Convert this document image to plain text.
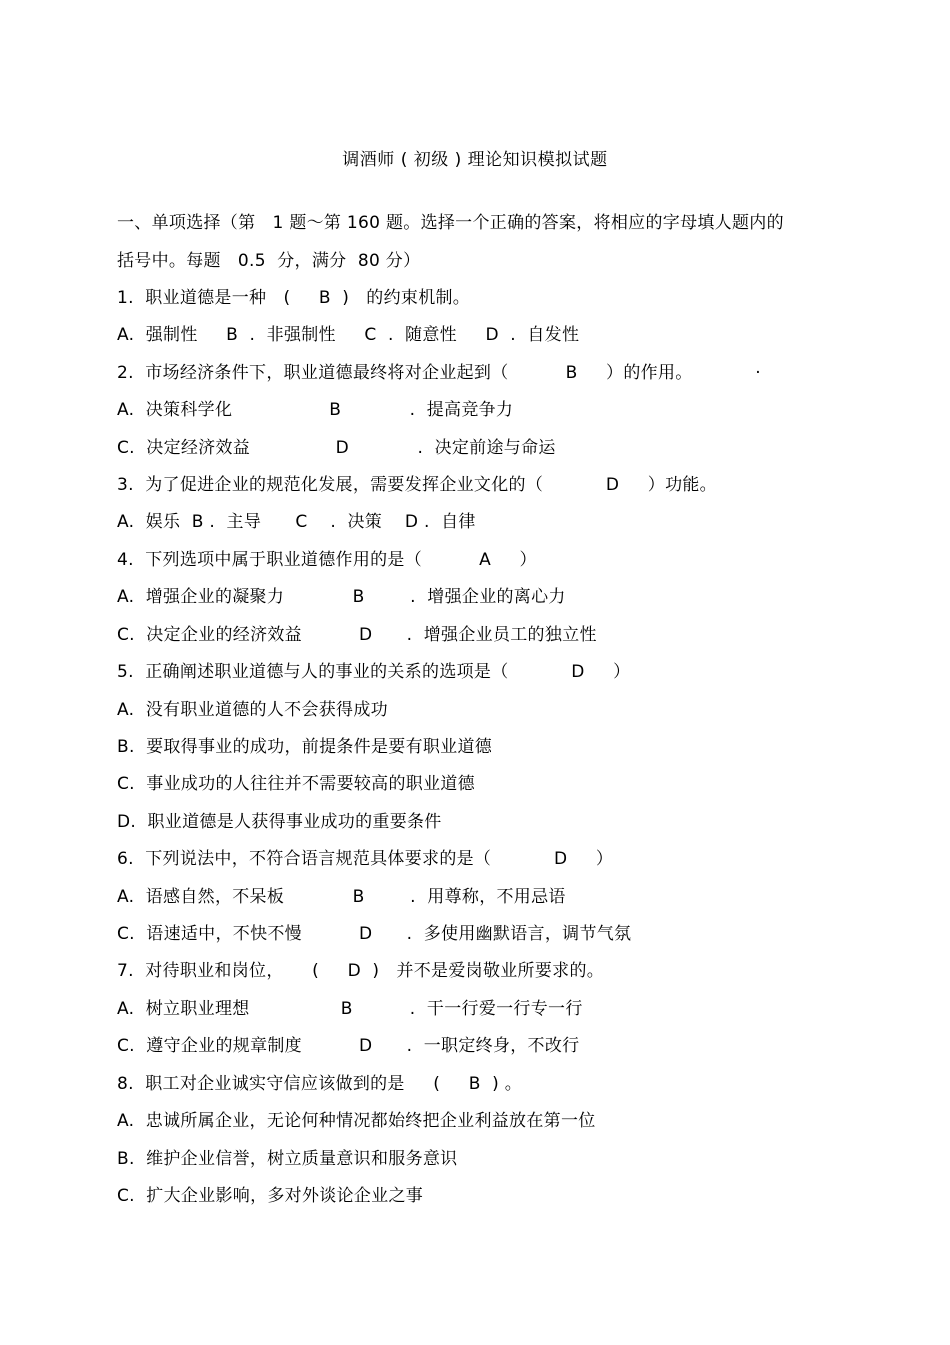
调酒师 ( 初级 ) 理论知识模拟试题
一、单项选择（第   1 题～第 160 题。选择一个正确的答案，将相应的字母填人题内的
括号中。每题   0.5  分，满分  80 分）
1.  职业道德是一种   (     B  )   的约束机制。
A.  强制性     B  .  非强制性     C  .  随意性     D  .  自发性
2.  市场经济条件下，职业道德最终将对企业起到（          B     ）的作用。           ·
A.  决策科学化                 B            .  提高竞争力
C.  决定经济效益               D            .  决定前途与命运
3.  为了促进企业的规范化发展，需要发挥企业文化的（           D     ）功能。
A.  娱乐  B .  主导      C    .  决策    D .  自律
4.  下列选项中属于职业道德作用的是（          A     ）
A.  增强企业的凝聚力            B        .  增强企业的离心力
C.  决定企业的经济效益          D      .  增强企业员工的独立性
5.  正确阐述职业道德与人的事业的关系的选项是（           D     ）
A.  没有职业道德的人不会获得成功
B.  要取得事业的成功，前提条件是要有职业道德
C.  事业成功的人往往并不需要较高的职业道德
D.  职业道德是人获得事业成功的重要条件
6.  下列说法中，不符合语言规范具体要求的是（           D     ）
A.  语感自然，不呆板            B        .  用尊称，不用忌语
C.  语速适中，不快不慢          D      .  多使用幽默语言，调节气氛
7.  对待职业和岗位，     (     D  )   并不是爱岗敬业所要求的。
A.  树立职业理想                B          .  干一行爱一行专一行
C.  遵守企业的规章制度          D      .  一职定终身，不改行
8.  职工对企业诚实守信应该做到的是     (     B  ) 。
A.  忠诚所属企业，无论何种情况都始终把企业利益放在第一位
B.  维护企业信誉，树立质量意识和服务意识
C.  扩大企业影响，多对外谈论企业之事
